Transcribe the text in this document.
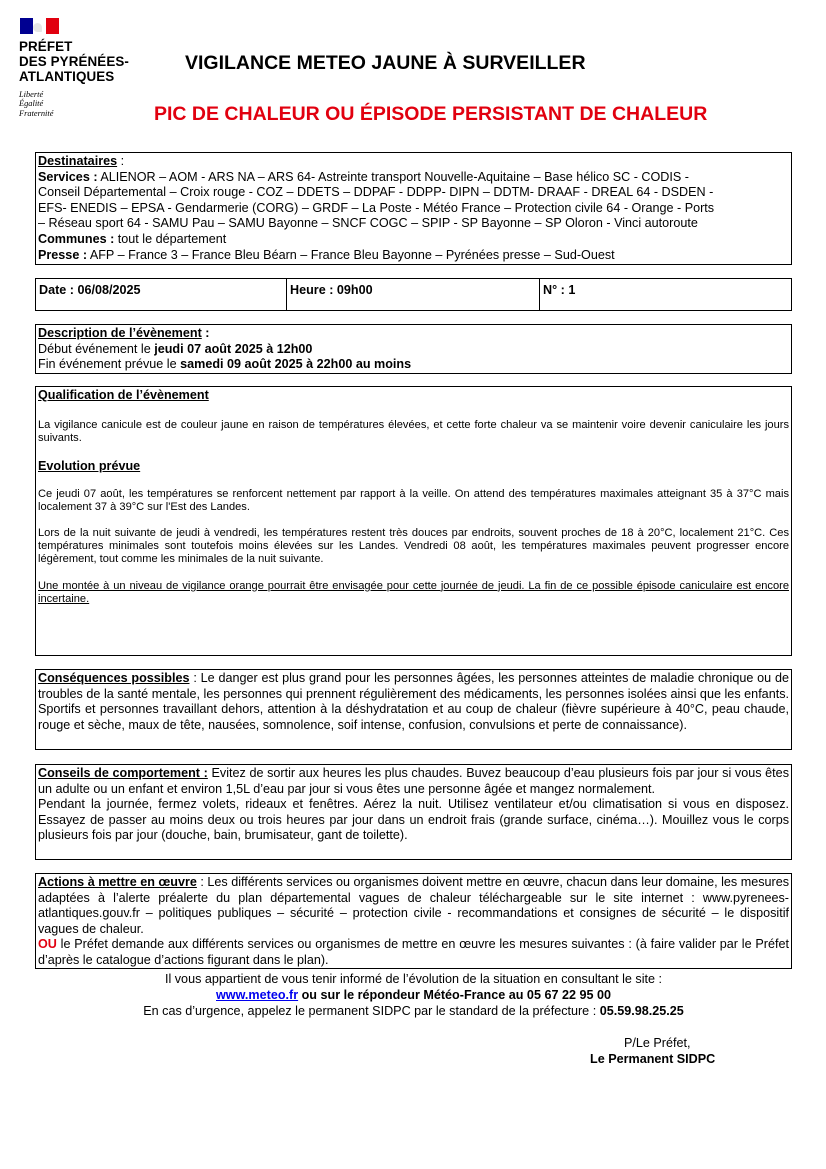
PRÉFET
DES PYRÉNÉES-
ATLANTIQUES
Liberté
Égalité
Fraternité
VIGILANCE METEO JAUNE À SURVEILLER
PIC DE CHALEUR OU ÉPISODE PERSISTANT DE CHALEUR
Destinataires :
Services : ALIENOR – AOM - ARS NA – ARS 64- Astreinte transport Nouvelle-Aquitaine – Base hélico SC - CODIS -
Conseil Départemental – Croix rouge - COZ – DDETS – DDPAF - DDPP- DIPN – DDTM- DRAAF - DREAL 64 - DSDEN -
EFS- ENEDIS – EPSA - Gendarmerie (CORG) – GRDF – La Poste - Météo France – Protection civile 64 - Orange - Ports
– Réseau sport 64 - SAMU Pau – SAMU Bayonne – SNCF COGC – SPIP - SP Bayonne – SP Oloron - Vinci autoroute
Communes : tout le département
Presse : AFP – France 3 – France Bleu Béarn – France Bleu Bayonne – Pyrénées presse – Sud-Ouest
Date : 06/08/2025	Heure : 09h00	N° : 1
Description de l’évènement :
Début événement le jeudi 07 août 2025 à 12h00
Fin événement prévue le samedi 09 août 2025 à 22h00 au moins
Qualification de l’évènement
La vigilance canicule est de couleur jaune en raison de températures élevées, et cette forte chaleur va se maintenir voire devenir caniculaire les jours suivants.
Evolution prévue
Ce jeudi 07 août, les températures se renforcent nettement par rapport à la veille. On attend des températures maximales atteignant 35 à 37°C mais localement 37 à 39°C sur l'Est des Landes.
Lors de la nuit suivante de jeudi à vendredi, les températures restent très douces par endroits, souvent proches de 18 à 20°C, localement 21°C. Ces températures minimales sont toutefois moins élevées sur les Landes. Vendredi 08 août, les températures maximales peuvent progresser encore légèrement, tout comme les minimales de la nuit suivante.
Une montée à un niveau de vigilance orange pourrait être envisagée pour cette journée de jeudi. La fin de ce possible épisode caniculaire est encore incertaine.
Conséquences possibles : Le danger est plus grand pour les personnes âgées, les personnes atteintes de maladie chronique ou de troubles de la santé mentale, les personnes qui prennent régulièrement des médicaments, les personnes isolées ainsi que les enfants. Sportifs et personnes travaillant dehors, attention à la déshydratation et au coup de chaleur (fièvre supérieure à 40°C, peau chaude, rouge et sèche, maux de tête, nausées, somnolence, soif intense, confusion, convulsions et perte de connaissance).
Conseils de comportement : Evitez de sortir aux heures les plus chaudes. Buvez beaucoup d’eau plusieurs fois par jour si vous êtes un adulte ou un enfant et environ 1,5L d’eau par jour si vous êtes une personne âgée et mangez normalement.
Pendant la journée, fermez volets, rideaux et fenêtres. Aérez la nuit. Utilisez ventilateur et/ou climatisation si vous en disposez. Essayez de passer au moins deux ou trois heures par jour dans un endroit frais (grande surface, cinéma…). Mouillez vous le corps plusieurs fois par jour (douche, bain, brumisateur, gant de toilette).
Actions à mettre en œuvre : Les différents services ou organismes doivent mettre en œuvre, chacun dans leur domaine, les mesures adaptées à l’alerte préalerte du plan départemental vagues de chaleur téléchargeable sur le site internet : www.pyrenees-atlantiques.gouv.fr – politiques publiques – sécurité – protection civile - recommandations et consignes de sécurité – le dispositif vagues de chaleur.
OU le Préfet demande aux différents services ou organismes de mettre en œuvre les mesures suivantes : (à faire valider par le Préfet d’après le catalogue d’actions figurant dans le plan).
Il vous appartient de vous tenir informé de l’évolution de la situation en consultant le site :
www.meteo.fr ou sur le répondeur Météo-France au 05 67 22 95 00
En cas d’urgence, appelez le permanent SIDPC par le standard de la préfecture : 05.59.98.25.25
P/Le Préfet,
Le Permanent SIDPC
